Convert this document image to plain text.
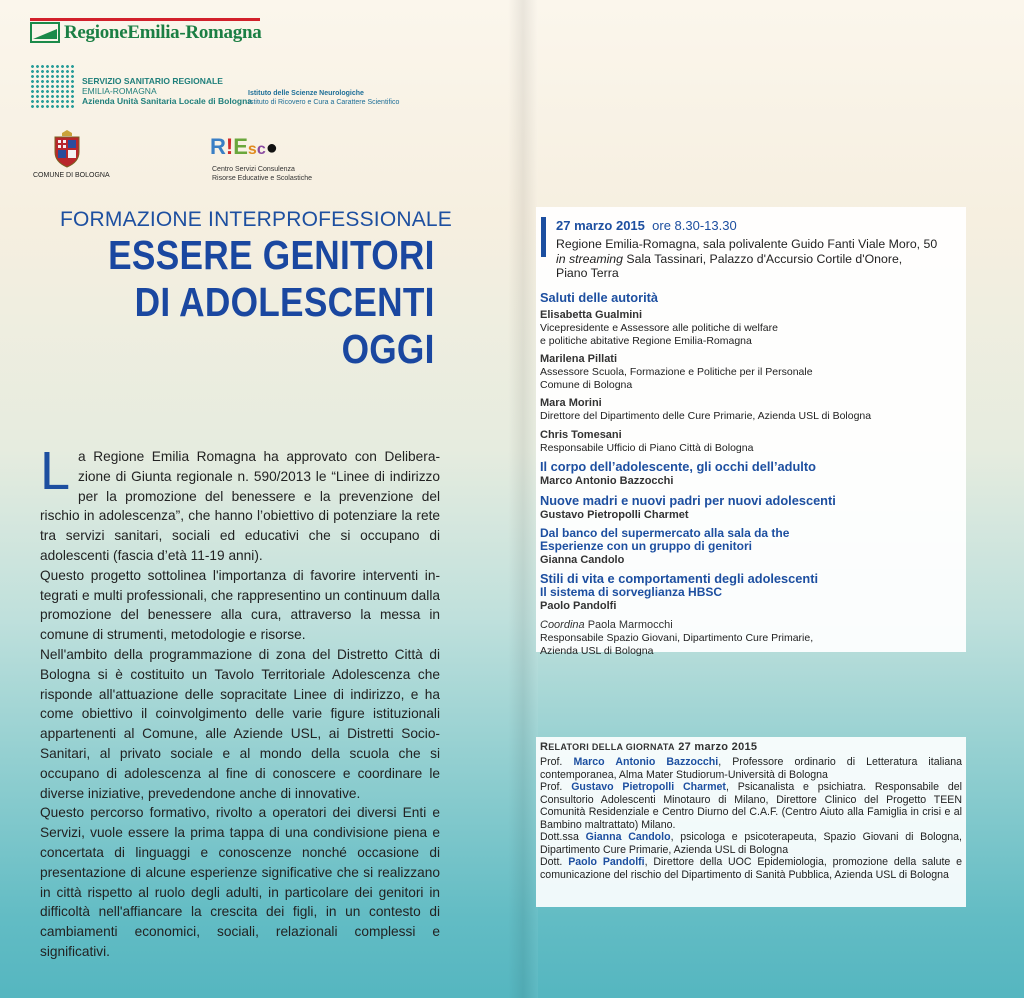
RegioneEmilia-Romagna
SERVIZIO SANITARIO REGIONALE
EMILIA-ROMAGNA
Azienda Unità Sanitaria Locale di Bologna
Istituto delle Scienze Neurologiche
Istituto di Ricovero e Cura a Carattere Scientifico
COMUNE DI BOLOGNA
R!Esc●
Centro Servizi Consulenza
Risorse Educative e Scolastiche
FORMAZIONE INTERPROFESSIONALE
ESSERE GENITORI
DI ADOLESCENTI
OGGI

La Regione Emilia Romagna ha approvato con Deliberazione di Giunta regionale n. 590/2013 le “Linee di indirizzo per la promozione del benessere e la prevenzione del rischio in adolescenza”, che hanno l’obiettivo di potenziare la rete tra servizi sanitari, sociali ed educativi che si occupano di adolescenti (fascia d’età 11-19 anni).

Questo progetto sottolinea l'importanza di favorire interventi integrati e multi professionali, che rappresentino un continuum dalla promozione del benessere alla cura, attraverso la messa in comune di strumenti, metodologie e risorse.

Nell'ambito della programmazione di zona del Distretto Città di Bologna si è costituito un Tavolo Territoriale Adolescenza che risponde all'attuazione delle sopracitate Linee di indirizzo, e ha come obiettivo il coinvolgimento delle varie figure istituzionali appartenenti al Comune, alle Aziende USL, ai Distretti Socio-Sanitari, al privato sociale e al mondo della scuola che si occupano di adolescenza al fine di conoscere e coordinare le diverse iniziative, prevedendone anche di innovative.

Questo percorso formativo, rivolto a operatori dei diversi Enti e Servizi, vuole essere la prima tappa di una condivisione piena e concertata di linguaggi e conoscenze nonché occasione di presentazione di alcune esperienze significative che si realizzano in città rispetto al ruolo degli adulti, in particolare dei genitori in difficoltà nell'affiancare la crescita dei figli, in un contesto di cambiamenti economici, sociali, relazionali complessi e significativi.

27 marzo 2015 ore 8.30-13.30
Regione Emilia-Romagna, sala polivalente Guido Fanti Viale Moro, 50
in streaming Sala Tassinari, Palazzo d'Accursio Cortile d'Onore,
Piano Terra
Saluti delle autorità
Elisabetta Gualmini
Vicepresidente e Assessore alle politiche di welfare
e politiche abitative Regione Emilia-Romagna
Marilena Pillati
Assessore Scuola, Formazione e Politiche per il Personale
Comune di Bologna
Mara Morini
Direttore del Dipartimento delle Cure Primarie, Azienda USL di Bologna
Chris Tomesani
Responsabile Ufficio di Piano Città di Bologna
Il corpo dell’adolescente, gli occhi dell’adulto
Marco Antonio Bazzocchi
Nuove madri e nuovi padri per nuovi adolescenti
Gustavo Pietropolli Charmet
Dal banco del supermercato alla sala da the
Esperienze con un gruppo di genitori
Gianna Candolo
Stili di vita e comportamenti degli adolescenti
Il sistema di sorveglianza HBSC
Paolo Pandolfi
Coordina Paola Marmocchi
Responsabile Spazio Giovani, Dipartimento Cure Primarie,
Azienda USL di Bologna
RELATORI DELLA GIORNATA 27 marzo 2015
Prof. Marco Antonio Bazzocchi, Professore ordinario di Letteratura italiana contemporanea, Alma Mater Studiorum-Università di Bologna
Prof. Gustavo Pietropolli Charmet, Psicanalista e psichiatra. Responsabile del Consultorio Adolescenti Minotauro di Milano, Direttore Clinico del Progetto TEEN Comunità Residenziale e Centro Diurno del C.A.F. (Centro Aiuto alla Famiglia in crisi e al Bambino maltrattato) Milano.
Dott.ssa Gianna Candolo, psicologa e psicoterapeuta, Spazio Giovani di Bologna, Dipartimento Cure Primarie, Azienda USL di Bologna
Dott. Paolo Pandolfi, Direttore della UOC Epidemiologia, promozione della salute e comunicazione del rischio del Dipartimento di Sanità Pubblica, Azienda USL di Bologna
